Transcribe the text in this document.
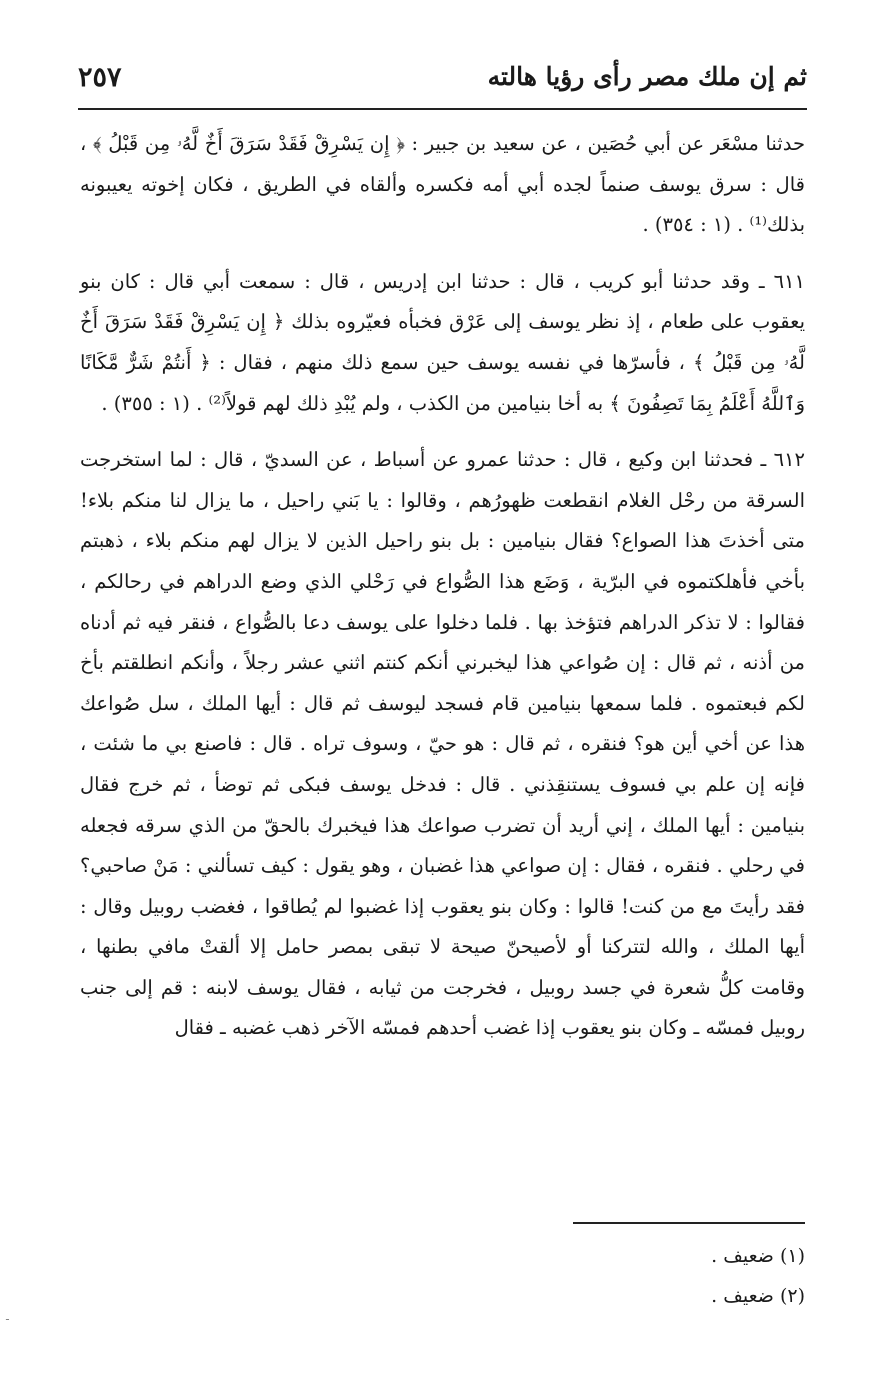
ثم إن ملك مصر رأى رؤيا هالته
٢٥٧

حدثنا مسْعَر عن أبي حُصَين ، عن سعيد بن جبير : ﴿ إِن يَسْرِقْ فَقَدْ سَرَقَ أَخٌ لَّهُۥ مِن قَبْلُ ﴾ ، قال : سرق يوسف صنماً لجده أبي أمه فكسره وألقاه في الطريق ، فكان إخوته يعيبونه بذلك⁽¹⁾ . (١ : ٣٥٤) .

٦١١ ـ وقد حدثنا أبو كريب ، قال : حدثنا ابن إدريس ، قال : سمعت أبي قال : كان بنو يعقوب على طعام ، إذ نظر يوسف إلى عَرْق فخبأه فعيّروه بذلك ﴿ إِن يَسْرِقْ فَقَدْ سَرَقَ أَخٌ لَّهُۥ مِن قَبْلُ ﴾ ، فأسرّها في نفسه يوسف حين سمع ذلك منهم ، فقال : ﴿ أَنتُمْ شَرٌّ مَّكَانًا وَٱللَّهُ أَعْلَمُ بِمَا تَصِفُونَ ﴾ به أخا بنيامين من الكذب ، ولم يُبْدِ ذلك لهم قولاً⁽²⁾ . (١ : ٣٥٥) .

٦١٢ ـ فحدثنا ابن وكيع ، قال : حدثنا عمرو عن أسباط ، عن السديّ ، قال : لما استخرجت السرقة من رحْل الغلام انقطعت ظهورُهم ، وقالوا : يا بَني راحيل ، ما يزال لنا منكم بلاء! متى أخذتَ هذا الصواع؟ فقال بنيامين : بل بنو راحيل الذين لا يزال لهم منكم بلاء ، ذهبتم بأخي فأهلكتموه في البرّية ، وَضَع هذا الصُّواع في رَحْلي الذي وضع الدراهم في رحالكم ، فقالوا : لا تذكر الدراهم فتؤخذ بها . فلما دخلوا على يوسف دعا بالصُّواع ، فنقر فيه ثم أدناه من أذنه ، ثم قال : إن صُواعي هذا ليخبرني أنكم كنتم اثني عشر رجلاً ، وأنكم انطلقتم بأخ لكم فبعتموه . فلما سمعها بنيامين قام فسجد ليوسف ثم قال : أيها الملك ، سل صُواعك هذا عن أخي أين هو؟ فنقره ، ثم قال : هو حيّ ، وسوف تراه . قال : فاصنع بي ما شئت ، فإنه إن علم بي فسوف يستنقِذني . قال : فدخل يوسف فبكى ثم توضأ ، ثم خرج فقال بنيامين : أيها الملك ، إني أريد أن تضرب صواعك هذا فيخبرك بالحقّ من الذي سرقه فجعله في رحلي . فنقره ، فقال : إن صواعي هذا غضبان ، وهو يقول : كيف تسألني : مَنْ صاحبي؟ فقد رأيتَ مع من كنت! قالوا : وكان بنو يعقوب إذا غضبوا لم يُطاقوا ، فغضب روبيل وقال : أيها الملك ، والله لتتركنا أو لأصيحنّ صيحة لا تبقى بمصر حامل إلا ألقتْ مافي بطنها ، وقامت كلُّ شعرة في جسد روبيل ، فخرجت من ثيابه ، فقال يوسف لابنه : قم إلى جنب روبيل فمسّه ـ وكان بنو يعقوب إذا غضب أحدهم فمسّه الآخر ذهب غضبه ـ فقال

(١) ضعيف .
(٢) ضعيف .
ـ
